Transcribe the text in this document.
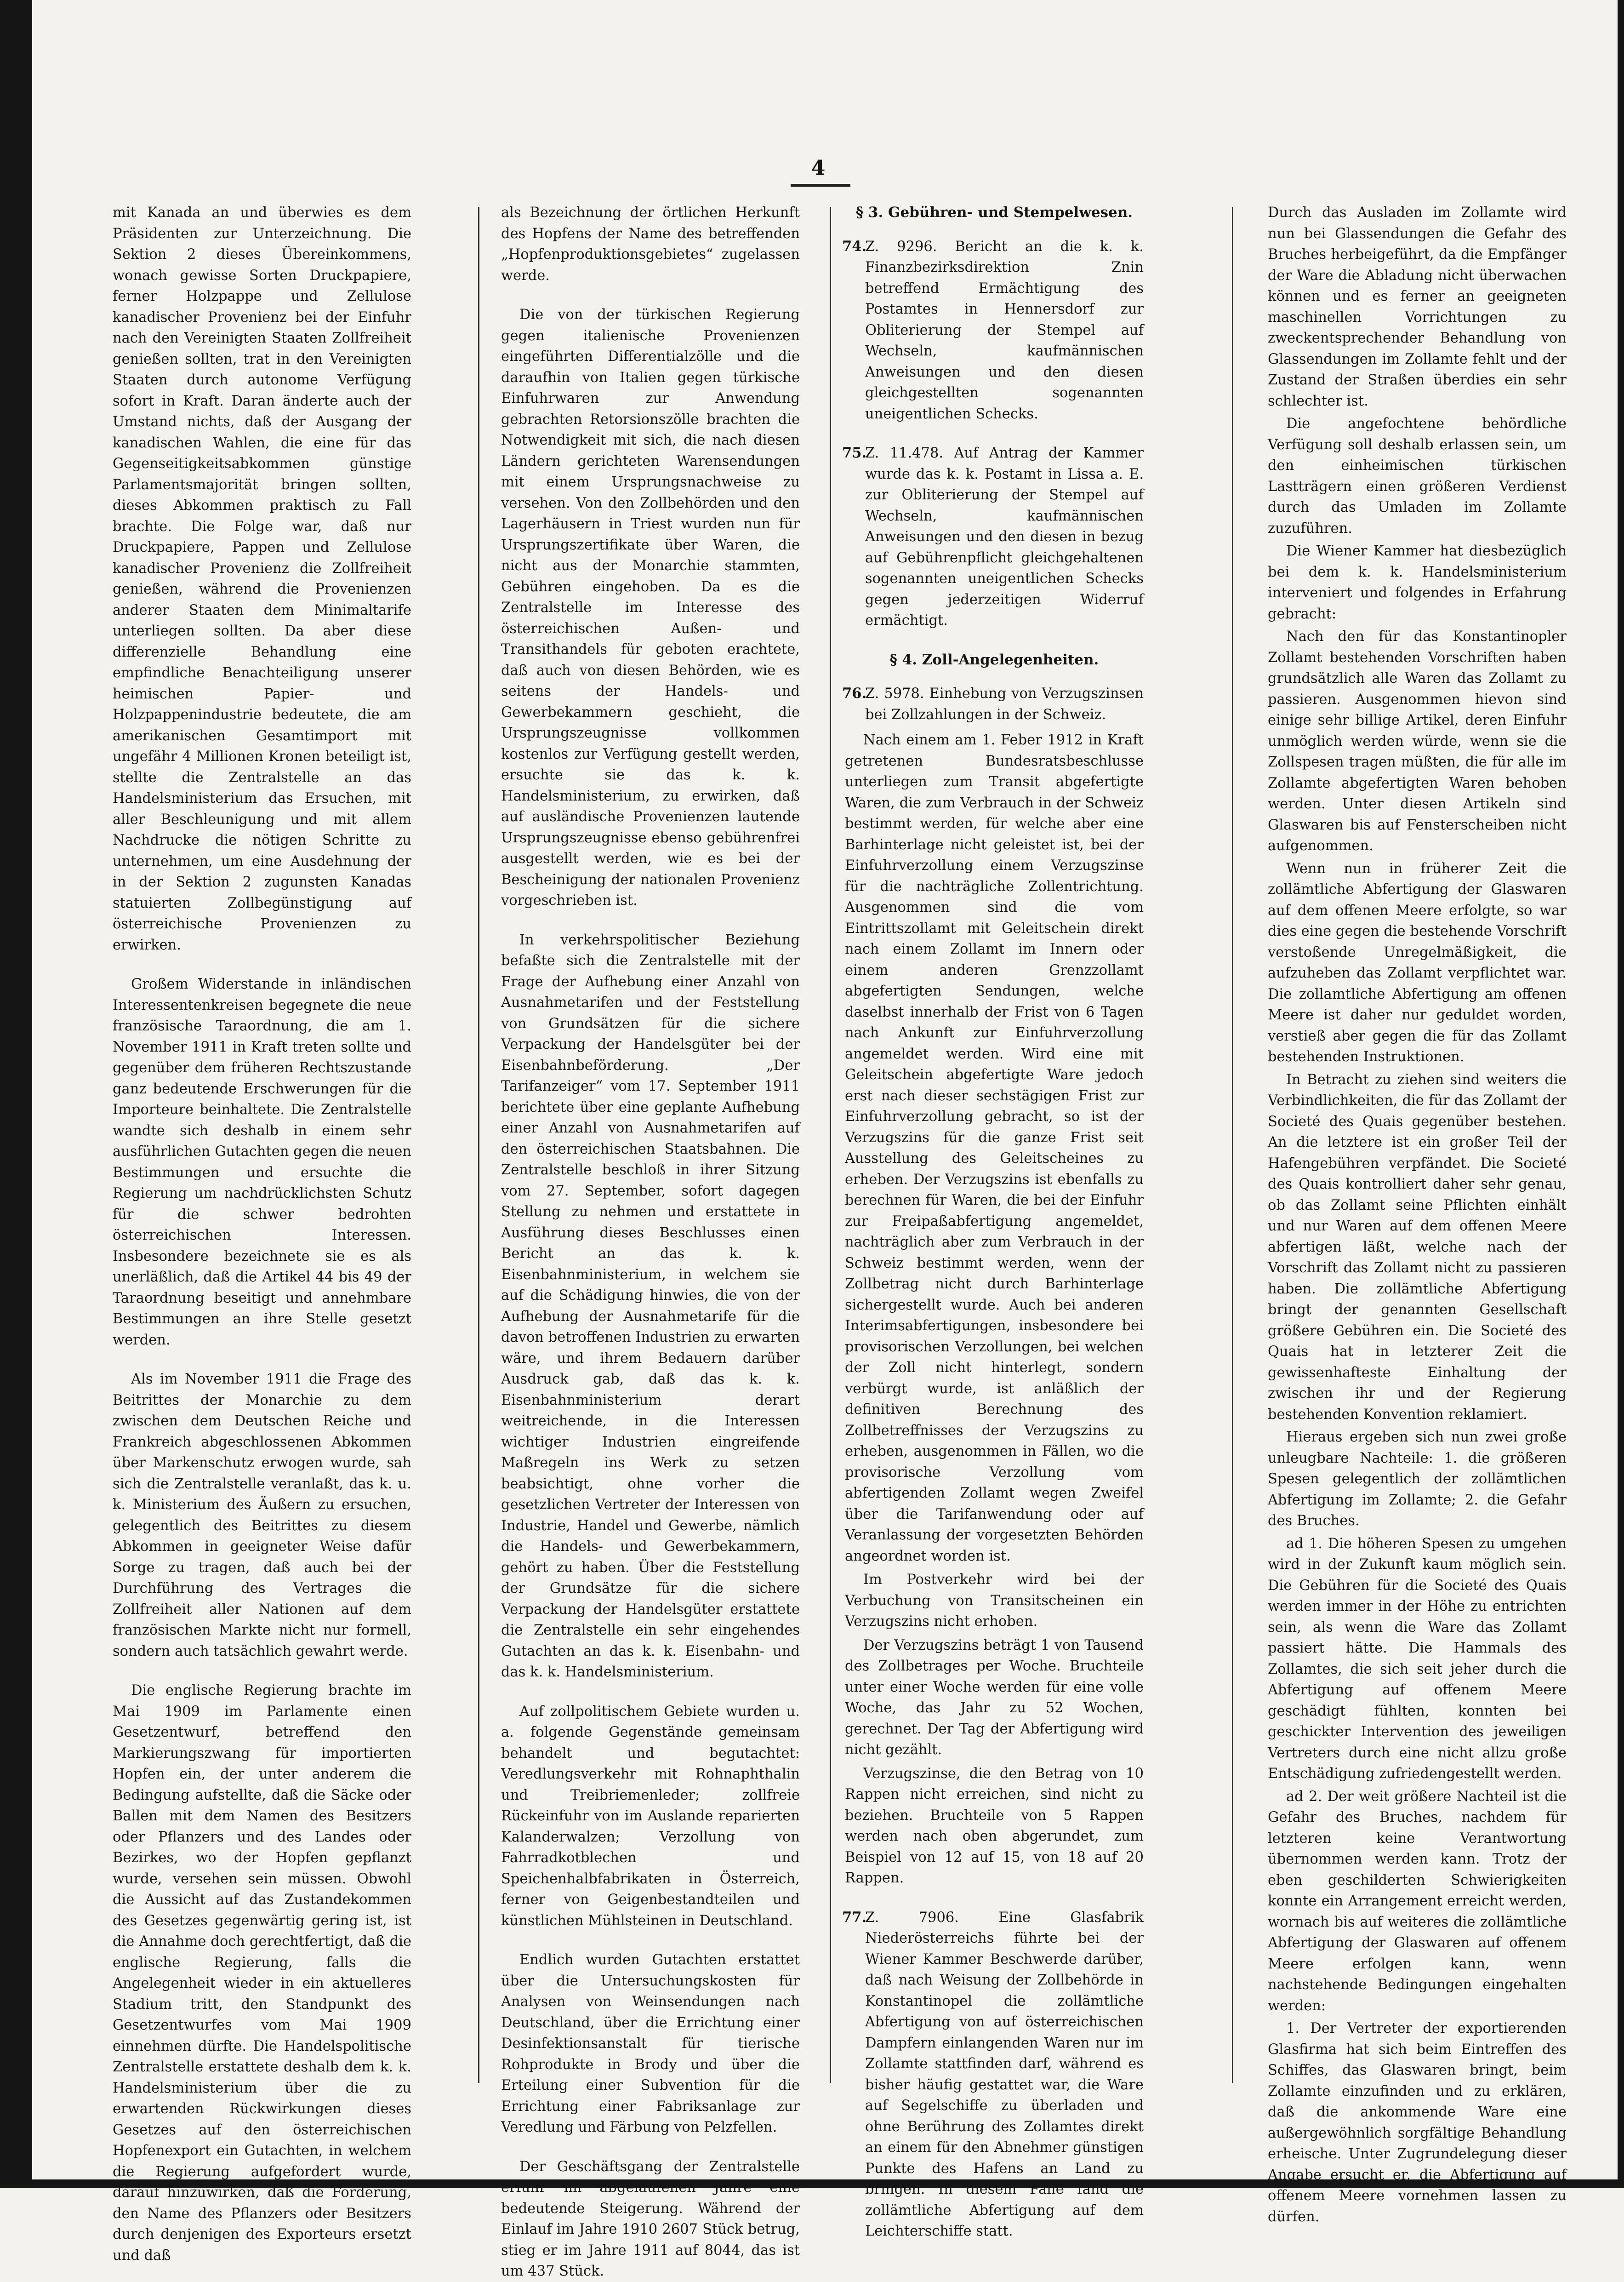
4

mit Kanada an und überwies es dem Präsidenten zur Unterzeichnung. Die Sektion 2 dieses Übereinkommens, wonach gewisse Sorten Druckpapiere, ferner Holzpappe und Zellulose kanadischer Provenienz bei der Einfuhr nach den Vereinigten Staaten Zollfreiheit genießen sollten, trat in den Vereinigten Staaten durch autonome Verfügung sofort in Kraft. Daran änderte auch der Umstand nichts, daß der Ausgang der kanadischen Wahlen, die eine für das Gegenseitigkeitsabkommen günstige Parlamentsmajorität bringen sollten, dieses Abkommen praktisch zu Fall brachte. Die Folge war, daß nur Druckpapiere, Pappen und Zellulose kanadischer Provenienz die Zollfreiheit genießen, während die Provenienzen anderer Staaten dem Minimaltarife unterliegen sollten. Da aber diese differenzielle Behandlung eine empfindliche Benachteiligung unserer heimischen Papier- und Holzpappenindustrie bedeutete, die am amerikanischen Gesamtimport mit ungefähr 4 Millionen Kronen beteiligt ist, stellte die Zentralstelle an das Handelsministerium das Ersuchen, mit aller Beschleunigung und mit allem Nachdrucke die nötigen Schritte zu unternehmen, um eine Ausdehnung der in der Sektion 2 zugunsten Kanadas statuierten Zollbegünstigung auf österreichische Provenienzen zu erwirken.

Großem Widerstande in inländischen Interessentenkreisen begegnete die neue französische Taraordnung, die am 1. November 1911 in Kraft treten sollte und gegenüber dem früheren Rechtszustande ganz bedeutende Erschwerungen für die Importeure beinhaltete. Die Zentralstelle wandte sich deshalb in einem sehr ausführlichen Gutachten gegen die neuen Bestimmungen und ersuchte die Regierung um nachdrücklichsten Schutz für die schwer bedrohten österreichischen Interessen. Insbesondere bezeichnete sie es als unerläßlich, daß die Artikel 44 bis 49 der Taraordnung beseitigt und annehmbare Bestimmungen an ihre Stelle gesetzt werden.

Als im November 1911 die Frage des Beitrittes der Monarchie zu dem zwischen dem Deutschen Reiche und Frankreich abgeschlossenen Abkommen über Markenschutz erwogen wurde, sah sich die Zentralstelle veranlaßt, das k. u. k. Ministerium des Äußern zu ersuchen, gelegentlich des Beitrittes zu diesem Abkommen in geeigneter Weise dafür Sorge zu tragen, daß auch bei der Durchführung des Vertrages die Zollfreiheit aller Nationen auf dem französischen Markte nicht nur formell, sondern auch tatsächlich gewahrt werde.

Die englische Regierung brachte im Mai 1909 im Parlamente einen Gesetzentwurf, betreffend den Markierungszwang für importierten Hopfen ein, der unter anderem die Bedingung aufstellte, daß die Säcke oder Ballen mit dem Namen des Besitzers oder Pflanzers und des Landes oder Bezirkes, wo der Hopfen gepflanzt wurde, versehen sein müssen. Obwohl die Aussicht auf das Zustandekommen des Gesetzes gegenwärtig gering ist, ist die Annahme doch gerechtfertigt, daß die englische Regierung, falls die Angelegenheit wieder in ein aktuelleres Stadium tritt, den Standpunkt des Gesetzentwurfes vom Mai 1909 einnehmen dürfte. Die Handelspolitische Zentralstelle erstattete deshalb dem k. k. Handelsministerium über die zu erwartenden Rückwirkungen dieses Gesetzes auf den österreichischen Hopfenexport ein Gutachten, in welchem die Regierung aufgefordert wurde, darauf hinzuwirken, daß die Forderung, den Name des Pflanzers oder Besitzers durch denjenigen des Exporteurs ersetzt und daß

als Bezeichnung der örtlichen Herkunft des Hopfens der Name des betreffenden „Hopfenproduktionsgebietes“ zugelassen werde.

Die von der türkischen Regierung gegen italienische Provenienzen eingeführten Differentialzölle und die daraufhin von Italien gegen türkische Einfuhrwaren zur Anwendung gebrachten Retorsionszölle brachten die Notwendigkeit mit sich, die nach diesen Ländern gerichteten Warensendungen mit einem Ursprungsnachweise zu versehen. Von den Zollbehörden und den Lagerhäusern in Triest wurden nun für Ursprungszertifikate über Waren, die nicht aus der Monarchie stammten, Gebühren eingehoben. Da es die Zentralstelle im Interesse des österreichischen Außen- und Transithandels für geboten erachtete, daß auch von diesen Behörden, wie es seitens der Handels- und Gewerbekammern geschieht, die Ursprungszeugnisse vollkommen kostenlos zur Verfügung gestellt werden, ersuchte sie das k. k. Handelsministerium, zu erwirken, daß auf ausländische Provenienzen lautende Ursprungszeugnisse ebenso gebührenfrei ausgestellt werden, wie es bei der Bescheinigung der nationalen Provenienz vorgeschrieben ist.

In verkehrspolitischer Beziehung befaßte sich die Zentralstelle mit der Frage der Aufhebung einer Anzahl von Ausnahmetarifen und der Feststellung von Grundsätzen für die sichere Verpackung der Handelsgüter bei der Eisenbahnbeförderung. „Der Tarifanzeiger“ vom 17. September 1911 berichtete über eine geplante Aufhebung einer Anzahl von Ausnahmetarifen auf den österreichischen Staatsbahnen. Die Zentralstelle beschloß in ihrer Sitzung vom 27. September, sofort dagegen Stellung zu nehmen und erstattete in Ausführung dieses Beschlusses einen Bericht an das k. k. Eisenbahnministerium, in welchem sie auf die Schädigung hinwies, die von der Aufhebung der Ausnahmetarife für die davon betroffenen Industrien zu erwarten wäre, und ihrem Bedauern darüber Ausdruck gab, daß das k. k. Eisenbahnministerium derart weitreichende, in die Interessen wichtiger Industrien eingreifende Maßregeln ins Werk zu setzen beabsichtigt, ohne vorher die gesetzlichen Vertreter der Interessen von Industrie, Handel und Gewerbe, nämlich die Handels- und Gewerbekammern, gehört zu haben. Über die Feststellung der Grundsätze für die sichere Verpackung der Handelsgüter erstattete die Zentralstelle ein sehr eingehendes Gutachten an das k. k. Eisenbahn- und das k. k. Handelsministerium.

Auf zollpolitischem Gebiete wurden u. a. folgende Gegenstände gemeinsam behandelt und begutachtet: Veredlungsverkehr mit Rohnaphthalin und Treibriemenleder; zollfreie Rückeinfuhr von im Auslande reparierten Kalanderwalzen; Verzollung von Fahrradkotblechen und Speichenhalbfabrikaten in Österreich, ferner von Geigenbestandteilen und künstlichen Mühlsteinen in Deutschland.

Endlich wurden Gutachten erstattet über die Untersuchungskosten für Analysen von Weinsendungen nach Deutschland, über die Errichtung einer Desinfektionsanstalt für tierische Rohprodukte in Brody und über die Erteilung einer Subvention für die Errichtung einer Fabriksanlage zur Veredlung und Färbung von Pelzfellen.

Der Geschäftsgang der Zentralstelle erfuhr im abgelaufenen Jahre eine bedeutende Steigerung. Während der Einlauf im Jahre 1910 2607 Stück betrug, stieg er im Jahre 1911 auf 8044, das ist um 437 Stück.

§ 3. Gebühren- und Stempelwesen.

74.
Z. 9296. Bericht an die k. k. Finanzbezirksdirektion Znin betreffend Ermächtigung des Postamtes in Hennersdorf zur Obliterierung der Stempel auf Wechseln, kaufmännischen Anweisungen und den diesen gleichgestellten sogenannten uneigentlichen Schecks.

75.
Z. 11.478. Auf Antrag der Kammer wurde das k. k. Postamt in Lissa a. E. zur Obliterierung der Stempel auf Wechseln, kaufmännischen Anweisungen und den diesen in bezug auf Gebührenpflicht gleichgehaltenen sogenannten uneigentlichen Schecks gegen jederzeitigen Widerruf ermächtigt.

§ 4. Zoll-Angelegenheiten.

76.
Z. 5978. Einhebung von Verzugszinsen bei Zollzahlungen in der Schweiz.

Nach einem am 1. Feber 1912 in Kraft getretenen Bundesratsbeschlusse unterliegen zum Transit abgefertigte Waren, die zum Verbrauch in der Schweiz bestimmt werden, für welche aber eine Barhinterlage nicht geleistet ist, bei der Einfuhrverzollung einem Verzugszinse für die nachträgliche Zollentrichtung. Ausgenommen sind die vom Eintrittszollamt mit Geleitschein direkt nach einem Zollamt im Innern oder einem anderen Grenzzollamt abgefertigten Sendungen, welche daselbst innerhalb der Frist von 6 Tagen nach Ankunft zur Einfuhrverzollung angemeldet werden. Wird eine mit Geleitschein abgefertigte Ware jedoch erst nach dieser sechstägigen Frist zur Einfuhrverzollung gebracht, so ist der Verzugszins für die ganze Frist seit Ausstellung des Geleitscheines zu erheben. Der Verzugszins ist ebenfalls zu berechnen für Waren, die bei der Einfuhr zur Freipaßabfertigung angemeldet, nachträglich aber zum Verbrauch in der Schweiz bestimmt werden, wenn der Zollbetrag nicht durch Barhinterlage sichergestellt wurde. Auch bei anderen Interimsabfertigungen, insbesondere bei provisorischen Verzollungen, bei welchen der Zoll nicht hinterlegt, sondern verbürgt wurde, ist anläßlich der definitiven Berechnung des Zollbetreffnisses der Verzugszins zu erheben, ausgenommen in Fällen, wo die provisorische Verzollung vom abfertigenden Zollamt wegen Zweifel über die Tarifanwendung oder auf Veranlassung der vorgesetzten Behörden angeordnet worden ist.

Im Postverkehr wird bei der Verbuchung von Transitscheinen ein Verzugszins nicht erhoben.

Der Verzugszins beträgt 1 von Tausend des Zollbetrages per Woche. Bruchteile unter einer Woche werden für eine volle Woche, das Jahr zu 52 Wochen, gerechnet. Der Tag der Abfertigung wird nicht gezählt.

Verzugszinse, die den Betrag von 10 Rappen nicht erreichen, sind nicht zu beziehen. Bruchteile von 5 Rappen werden nach oben abgerundet, zum Beispiel von 12 auf 15, von 18 auf 20 Rappen.

77.
Z. 7906. Eine Glasfabrik Niederösterreichs führte bei der Wiener Kammer Beschwerde darüber, daß nach Weisung der Zollbehörde in Konstantinopel die zollämtliche Abfertigung von auf österreichischen Dampfern einlangenden Waren nur im Zollamte stattfinden darf, während es bisher häufig gestattet war, die Ware auf Segelschiffe zu überladen und ohne Berührung des Zollamtes direkt an einem für den Abnehmer günstigen Punkte des Hafens an Land zu bringen. In diesem Falle fand die zollämtliche Abfertigung auf dem Leichterschiffe statt.

Durch das Ausladen im Zollamte wird nun bei Glassendungen die Gefahr des Bruches herbeigeführt, da die Empfänger der Ware die Abladung nicht überwachen können und es ferner an geeigneten maschinellen Vorrichtungen zu zweckentsprechender Behandlung von Glassendungen im Zollamte fehlt und der Zustand der Straßen überdies ein sehr schlechter ist.

Die angefochtene behördliche Verfügung soll deshalb erlassen sein, um den einheimischen türkischen Lastträgern einen größeren Verdienst durch das Umladen im Zollamte zuzuführen.

Die Wiener Kammer hat diesbezüglich bei dem k. k. Handelsministerium interveniert und folgendes in Erfahrung gebracht:

Nach den für das Konstantinopler Zollamt bestehenden Vorschriften haben grundsätzlich alle Waren das Zollamt zu passieren. Ausgenommen hievon sind einige sehr billige Artikel, deren Einfuhr unmöglich werden würde, wenn sie die Zollspesen tragen müßten, die für alle im Zollamte abgefertigten Waren behoben werden. Unter diesen Artikeln sind Glaswaren bis auf Fensterscheiben nicht aufgenommen.

Wenn nun in früherer Zeit die zollämtliche Abfertigung der Glaswaren auf dem offenen Meere erfolgte, so war dies eine gegen die bestehende Vorschrift verstoßende Unregelmäßigkeit, die aufzuheben das Zollamt verpflichtet war. Die zollamtliche Abfertigung am offenen Meere ist daher nur geduldet worden, verstieß aber gegen die für das Zollamt bestehenden Instruktionen.

In Betracht zu ziehen sind weiters die Verbindlichkeiten, die für das Zollamt der Societé des Quais gegenüber bestehen. An die letztere ist ein großer Teil der Hafengebühren verpfändet. Die Societé des Quais kontrolliert daher sehr genau, ob das Zollamt seine Pflichten einhält und nur Waren auf dem offenen Meere abfertigen läßt, welche nach der Vorschrift das Zollamt nicht zu passieren haben. Die zollämtliche Abfertigung bringt der genannten Gesellschaft größere Gebühren ein. Die Societé des Quais hat in letzterer Zeit die gewissenhafteste Einhaltung der zwischen ihr und der Regierung bestehenden Konvention reklamiert.

Hieraus ergeben sich nun zwei große unleugbare Nachteile: 1. die größeren Spesen gelegentlich der zollämtlichen Abfertigung im Zollamte; 2. die Gefahr des Bruches.

ad 1. Die höheren Spesen zu umgehen wird in der Zukunft kaum möglich sein. Die Gebühren für die Societé des Quais werden immer in der Höhe zu entrichten sein, als wenn die Ware das Zollamt passiert hätte. Die Hammals des Zollamtes, die sich seit jeher durch die Abfertigung auf offenem Meere geschädigt fühlten, konnten bei geschickter Intervention des jeweiligen Vertreters durch eine nicht allzu große Entschädigung zufriedengestellt werden.

ad 2. Der weit größere Nachteil ist die Gefahr des Bruches, nachdem für letzteren keine Verantwortung übernommen werden kann. Trotz der eben geschilderten Schwierigkeiten konnte ein Arrangement erreicht werden, wornach bis auf weiteres die zollämtliche Abfertigung der Glaswaren auf offenem Meere erfolgen kann, wenn nachstehende Bedingungen eingehalten werden:

1. Der Vertreter der exportierenden Glasfirma hat sich beim Eintreffen des Schiffes, das Glaswaren bringt, beim Zollamte einzufinden und zu erklären, daß die ankommende Ware eine außergewöhnlich sorgfältige Behandlung erheische. Unter Zugrundelegung dieser Angabe ersucht er, die Abfertigung auf offenem Meere vornehmen lassen zu dürfen.
